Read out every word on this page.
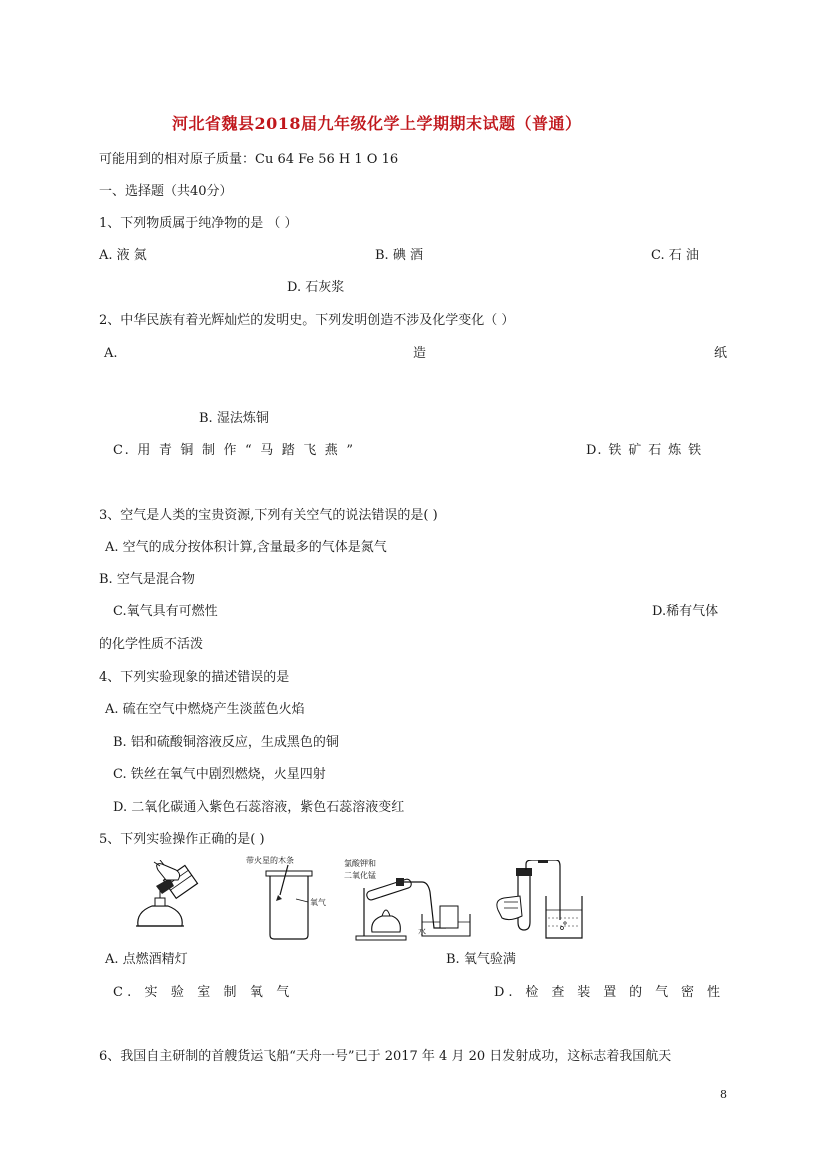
河北省魏县2018届九年级化学上学期期末试题（普通）
可能用到的相对原子质量：Cu 64 Fe 56 H 1 O 16
一、选择题（共40分）
1、下列物质属于纯净物的是 （ ）
A. 液 氮	B. 碘 酒	C. 石 油
D. 石灰浆
2、中华民族有着光辉灿烂的发明史。下列发明创造不涉及化学变化（ ）
A.	造	纸
B. 湿法炼铜
C. 用 青 铜 制 作 “ 马 踏 飞 燕 ”	D. 铁 矿 石 炼 铁
3、空气是人类的宝贵资源,下列有关空气的说法错误的是( )
A. 空气的成分按体积计算,含量最多的气体是氮气
B. 空气是混合物
C.氧气具有可燃性	D.稀有气体
的化学性质不活泼
4、下列实验现象的描述错误的是
A. 硫在空气中燃烧产生淡蓝色火焰
B. 铝和硫酸铜溶液反应，生成黑色的铜
C. 铁丝在氧气中剧烈燃烧，火星四射
D. 二氧化碳通入紫色石蕊溶液，紫色石蕊溶液变红
5、下列实验操作正确的是( )
带火星的木条
氧气
氯酸钾和
二氧化锰
水
A. 点燃酒精灯	B. 氧气验满
C. 实 验 室 制 氧 气	D. 检 查 装 置 的 气 密 性
6、我国自主研制的首艘货运飞船“天舟一号”已于 2017 年 4 月 20 日发射成功，这标志着我国航天
8
